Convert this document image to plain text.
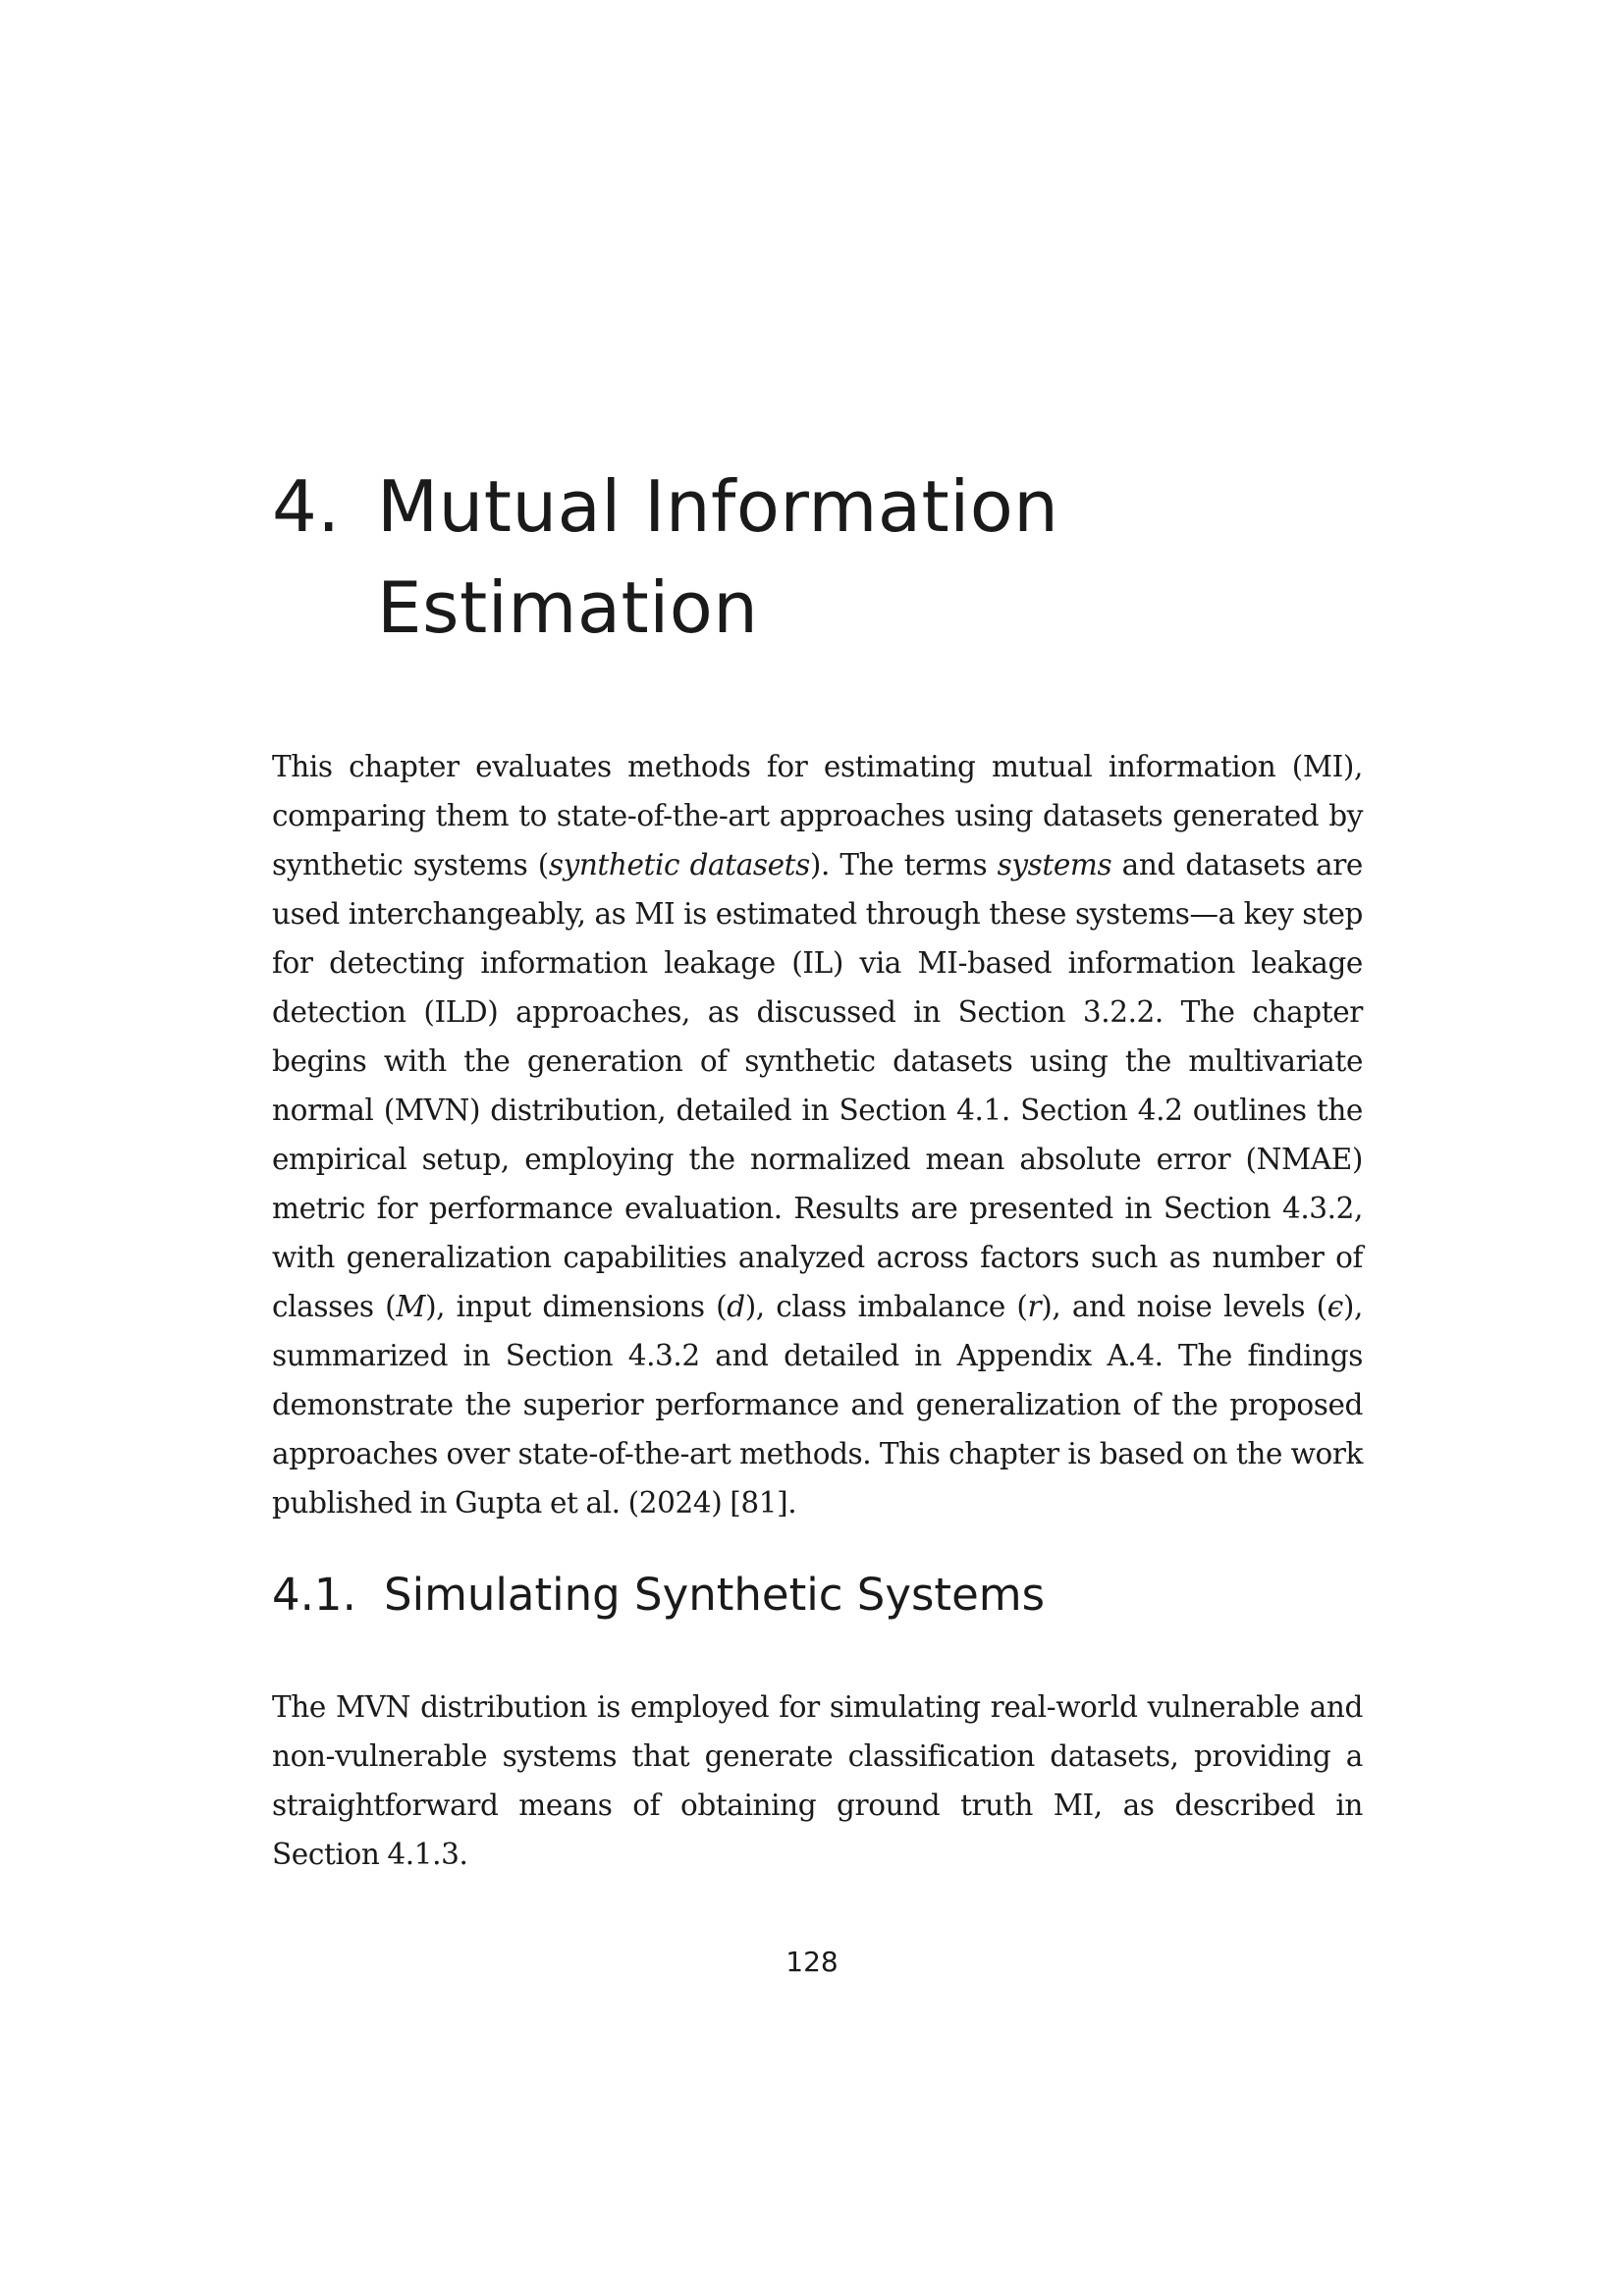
4. Mutual Information Estimation

This chapter evaluates methods for estimating mutual information (MI), comparing them to state-of-the-art approaches using datasets generated by synthetic systems (synthetic datasets). The terms systems and datasets are used interchangeably, as MI is estimated through these systems—a key step for detecting information leakage (IL) via MI-based information leakage detection (ILD) approaches, as discussed in Section 3.2.2. The chapter begins with the generation of synthetic datasets using the multivariate normal (MVN) distribution, detailed in Section 4.1. Section 4.2 outlines the empirical setup, employing the normalized mean absolute error (NMAE) metric for performance evaluation. Results are presented in Section 4.3.2, with generalization capabilities analyzed across factors such as number of classes (M), input dimensions (d), class imbalance (r), and noise levels (ϵ), summarized in Section 4.3.2 and detailed in Appendix A.4. The findings demonstrate the superior performance and generalization of the proposed approaches over state-of-the-art methods. This chapter is based on the work published in Gupta et al. (2024) [81].

4.1. Simulating Synthetic Systems

The MVN distribution is employed for simulating real-world vulnerable and non-vulnerable systems that generate classification datasets, providing a straightforward means of obtaining ground truth MI, as described in Section 4.1.3.

128
